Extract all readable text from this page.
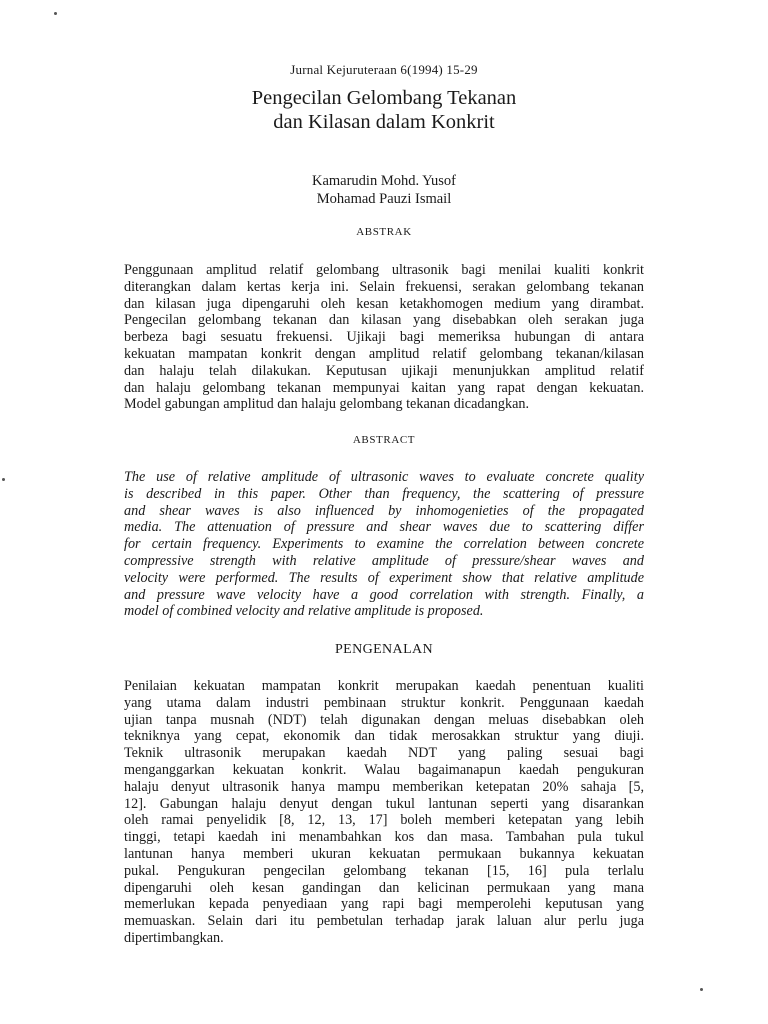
Jurnal Kejuruteraan 6(1994) 15-29
Pengecilan Gelombang Tekanan
dan Kilasan dalam Konkrit
Kamarudin Mohd. Yusof
Mohamad Pauzi Ismail
ABSTRAK
Penggunaan amplitud relatif gelombang ultrasonik bagi menilai kualiti konkrit
diterangkan dalam kertas kerja ini. Selain frekuensi, serakan gelombang tekanan
dan kilasan juga dipengaruhi oleh kesan ketakhomogen medium yang dirambat.
Pengecilan gelombang tekanan dan kilasan yang disebabkan oleh serakan juga
berbeza bagi sesuatu frekuensi. Ujikaji bagi memeriksa hubungan di antara
kekuatan mampatan konkrit dengan amplitud relatif gelombang tekanan/kilasan
dan halaju telah dilakukan. Keputusan ujikaji menunjukkan amplitud relatif
dan halaju gelombang tekanan mempunyai kaitan yang rapat dengan kekuatan.
Model gabungan amplitud dan halaju gelombang tekanan dicadangkan.
ABSTRACT
The use of relative amplitude of ultrasonic waves to evaluate concrete quality
is described in this paper. Other than frequency, the scattering of pressure
and shear waves is also influenced by inhomogenieties of the propagated
media. The attenuation of pressure and shear waves due to scattering differ
for certain frequency. Experiments to examine the correlation between concrete
compressive strength with relative amplitude of pressure/shear waves and
velocity were performed. The results of experiment show that relative amplitude
and pressure wave velocity have a good correlation with strength. Finally, a
model of combined velocity and relative amplitude is proposed.
PENGENALAN
Penilaian kekuatan mampatan konkrit merupakan kaedah penentuan kualiti
yang utama dalam industri pembinaan struktur konkrit. Penggunaan kaedah
ujian tanpa musnah (NDT) telah digunakan dengan meluas disebabkan oleh
tekniknya yang cepat, ekonomik dan tidak merosakkan struktur yang diuji.
Teknik ultrasonik merupakan kaedah NDT yang paling sesuai bagi
menganggarkan kekuatan konkrit. Walau bagaimanapun kaedah pengukuran
halaju denyut ultrasonik hanya mampu memberikan ketepatan 20% sahaja [5,
12]. Gabungan halaju denyut dengan tukul lantunan seperti yang disarankan
oleh ramai penyelidik [8, 12, 13, 17] boleh memberi ketepatan yang lebih
tinggi, tetapi kaedah ini menambahkan kos dan masa. Tambahan pula tukul
lantunan hanya memberi ukuran kekuatan permukaan bukannya kekuatan
pukal. Pengukuran pengecilan gelombang tekanan [15, 16] pula terlalu
dipengaruhi oleh kesan gandingan dan kelicinan permukaan yang mana
memerlukan kepada penyediaan yang rapi bagi memperolehi keputusan yang
memuaskan. Selain dari itu pembetulan terhadap jarak laluan alur perlu juga
dipertimbangkan.
